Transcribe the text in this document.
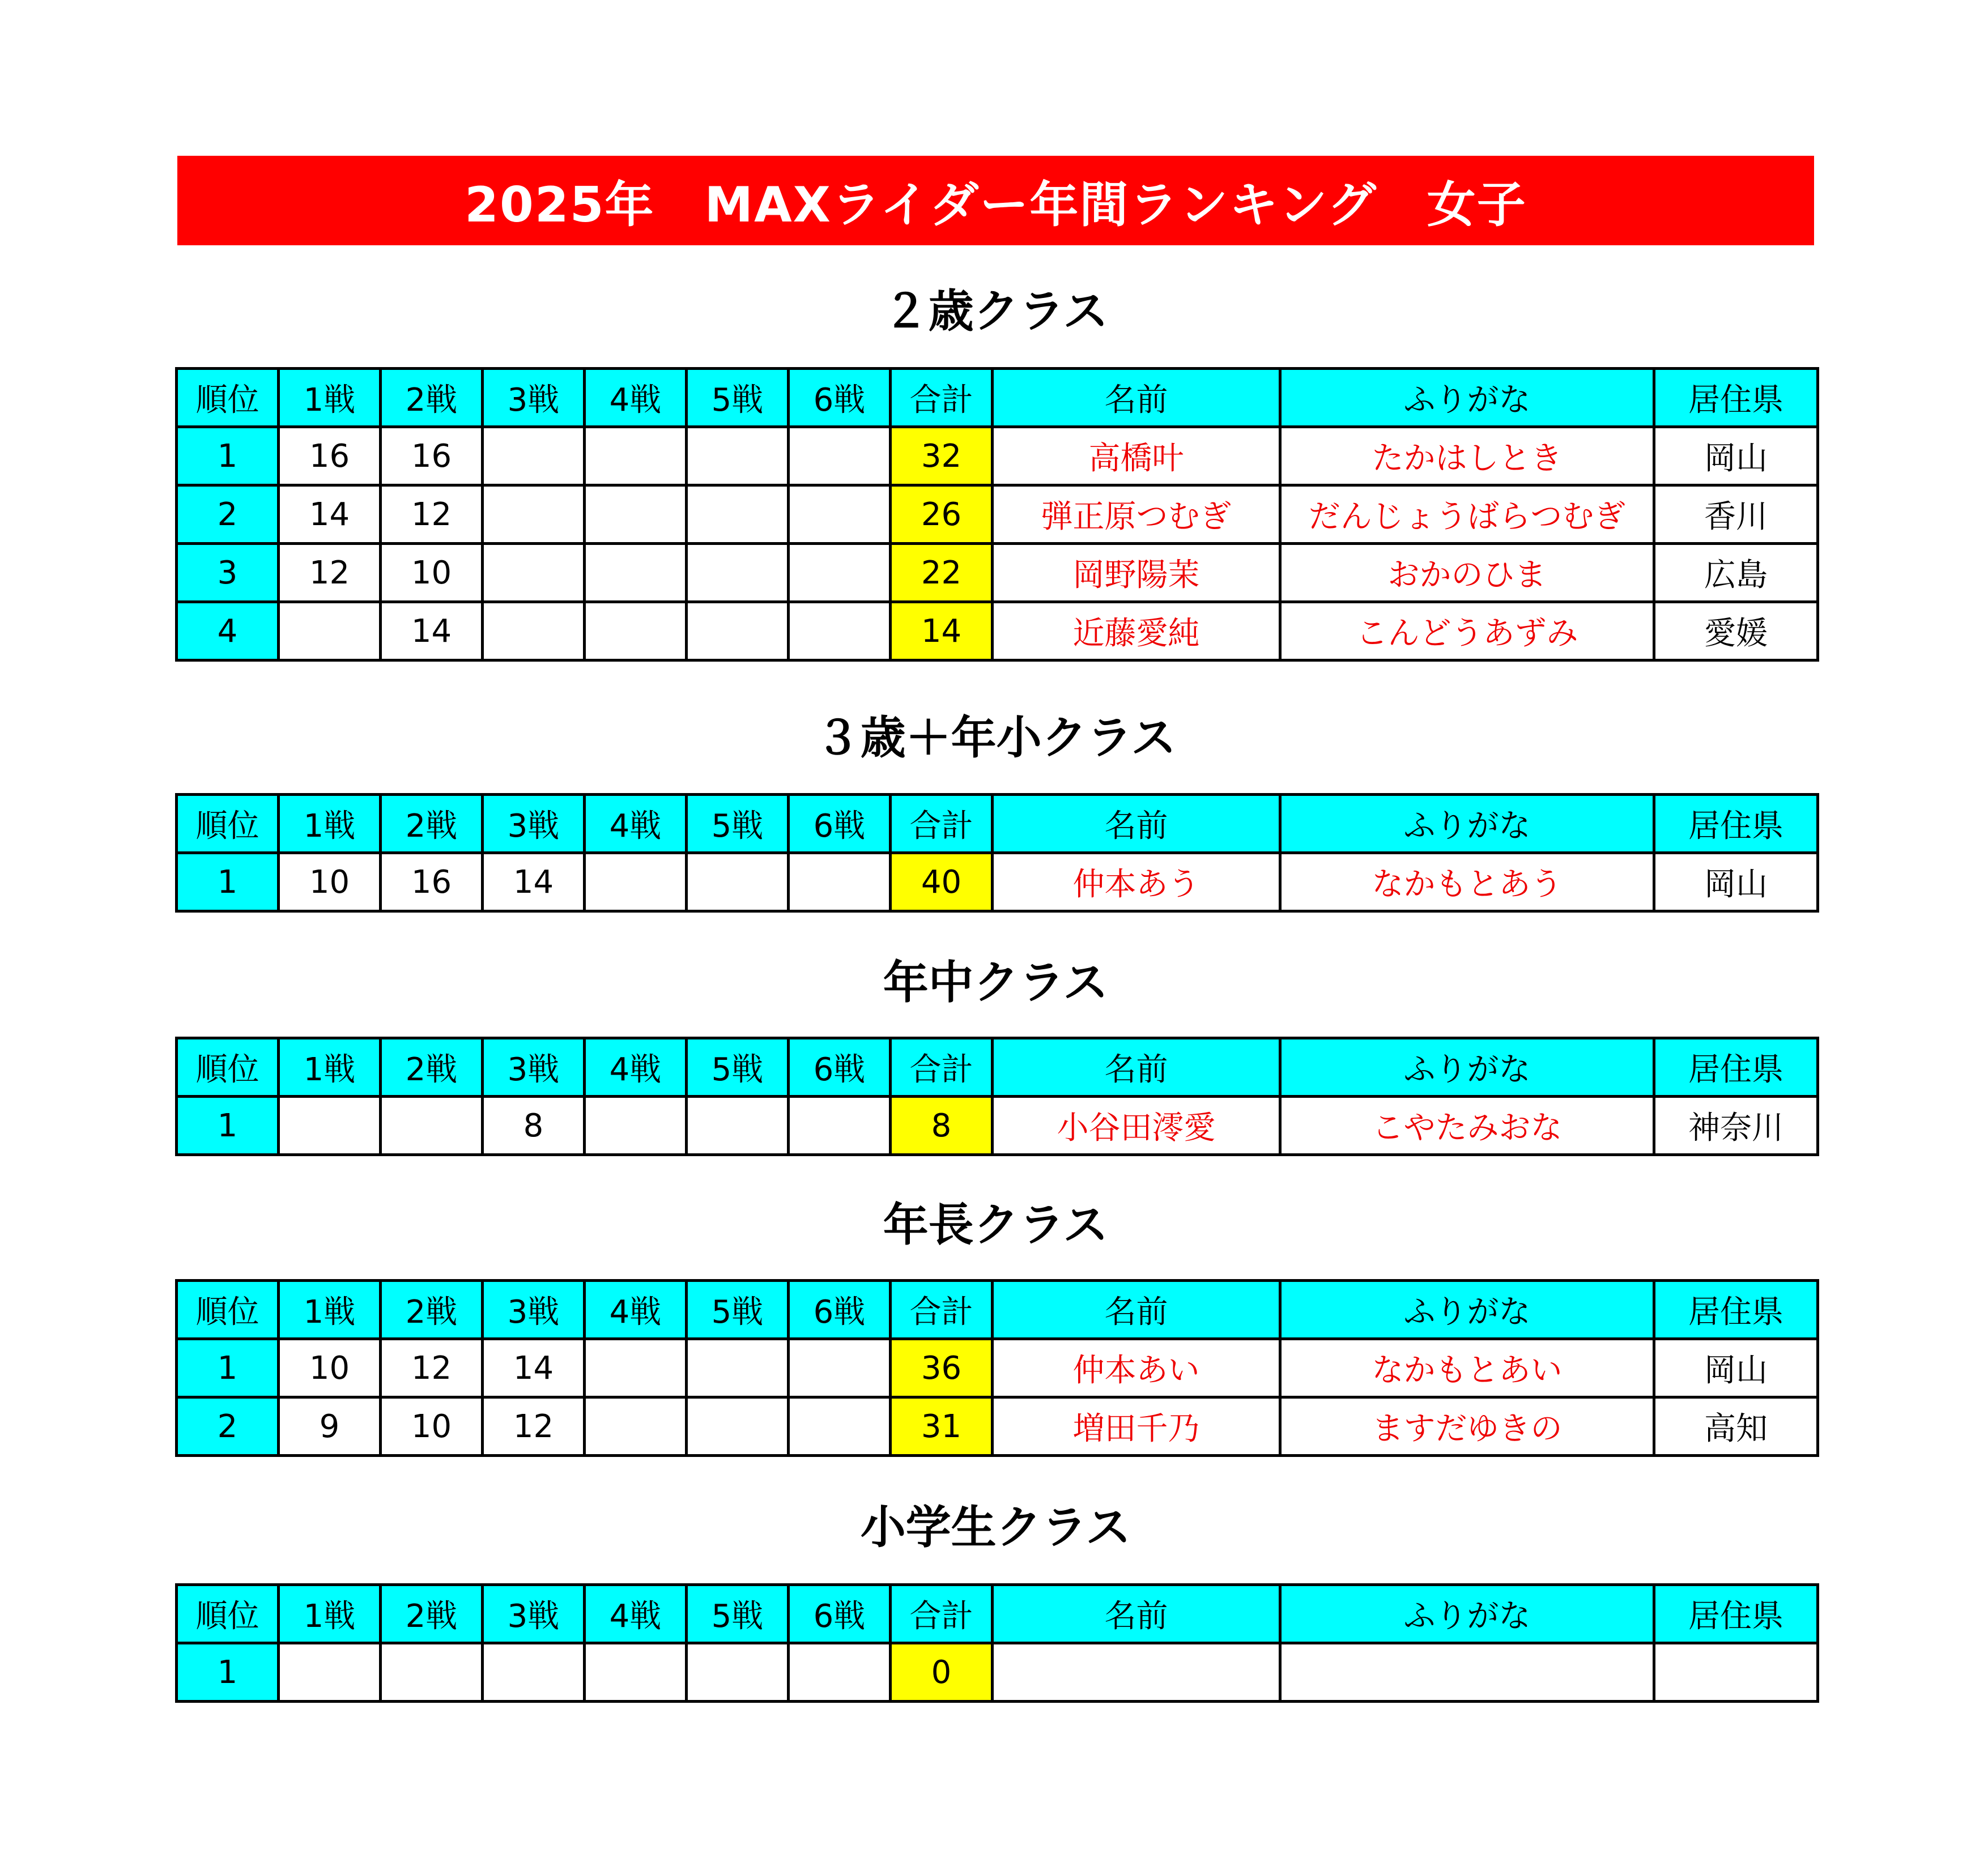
2025年　MAXライダー年間ランキング　女子
２歳クラス
順位	1戦	2戦	3戦	4戦	5戦	6戦	合計	名前	ふりがな	居住県
1	16	16					32	高橋叶	たかはしとき	岡山
2	14	12					26	弾正原つむぎ	だんじょうばらつむぎ	香川
3	12	10					22	岡野陽茉	おかのひま	広島
4		14					14	近藤愛純	こんどうあずみ	愛媛
３歳＋年小クラス
順位	1戦	2戦	3戦	4戦	5戦	6戦	合計	名前	ふりがな	居住県
1	10	16	14				40	仲本あう	なかもとあう	岡山
年中クラス
順位	1戦	2戦	3戦	4戦	5戦	6戦	合計	名前	ふりがな	居住県
1			8				8	小谷田澪愛	こやたみおな	神奈川
年長クラス
順位	1戦	2戦	3戦	4戦	5戦	6戦	合計	名前	ふりがな	居住県
1	10	12	14				36	仲本あい	なかもとあい	岡山
2	9	10	12				31	増田千乃	ますだゆきの	高知
小学生クラス
順位	1戦	2戦	3戦	4戦	5戦	6戦	合計	名前	ふりがな	居住県
1							0			
